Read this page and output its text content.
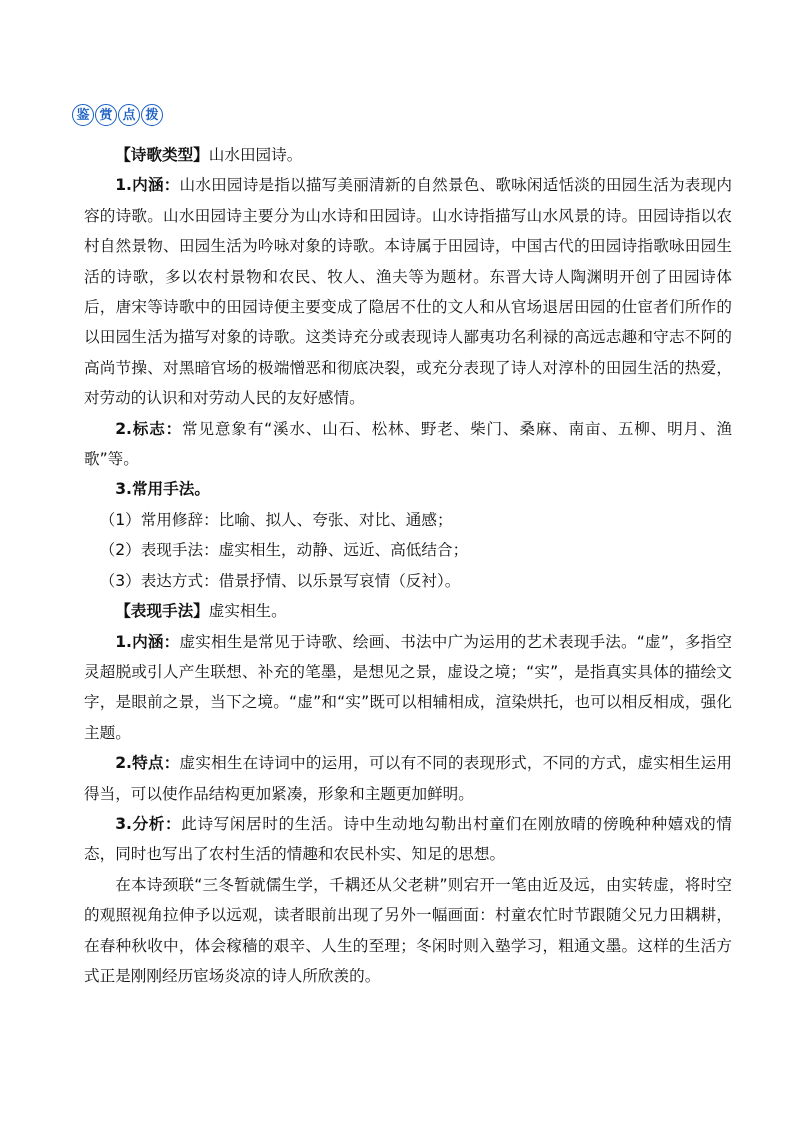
鉴 赏 点 拨

【诗歌类型】山水田园诗。

1.内涵：山水田园诗是指以描写美丽清新的自然景色、歌咏闲适恬淡的田园生活为表现内容的诗歌。山水田园诗主要分为山水诗和田园诗。山水诗指描写山水风景的诗。田园诗指以农村自然景物、田园生活为吟咏对象的诗歌。本诗属于田园诗，中国古代的田园诗指歌咏田园生活的诗歌，多以农村景物和农民、牧人、渔夫等为题材。东晋大诗人陶渊明开创了田园诗体后，唐宋等诗歌中的田园诗便主要变成了隐居不仕的文人和从官场退居田园的仕宦者们所作的以田园生活为描写对象的诗歌。这类诗充分或表现诗人鄙夷功名利禄的高远志趣和守志不阿的高尚节操、对黑暗官场的极端憎恶和彻底决裂，或充分表现了诗人对淳朴的田园生活的热爱，对劳动的认识和对劳动人民的友好感情。

2.标志：常见意象有“溪水、山石、松林、野老、柴门、桑麻、南亩、五柳、明月、渔歌”等。

3.常用手法。

（1）常用修辞：比喻、拟人、夸张、对比、通感；

（2）表现手法：虚实相生，动静、远近、高低结合；

（3）表达方式：借景抒情、以乐景写哀情（反衬）。

【表现手法】虚实相生。

1.内涵：虚实相生是常见于诗歌、绘画、书法中广为运用的艺术表现手法。“虚”，多指空灵超脱或引人产生联想、补充的笔墨，是想见之景，虚设之境；“实”，是指真实具体的描绘文字，是眼前之景，当下之境。“虚”和“实”既可以相辅相成，渲染烘托，也可以相反相成，强化主题。

2.特点：虚实相生在诗词中的运用，可以有不同的表现形式，不同的方式，虚实相生运用得当，可以使作品结构更加紧凑，形象和主题更加鲜明。

3.分析：此诗写闲居时的生活。诗中生动地勾勒出村童们在刚放晴的傍晚种种嬉戏的情态，同时也写出了农村生活的情趣和农民朴实、知足的思想。

在本诗颈联“三冬暂就儒生学，千耦还从父老耕”则宕开一笔由近及远，由实转虚，将时空的观照视角拉伸予以远观，读者眼前出现了另外一幅画面：村童农忙时节跟随父兄力田耦耕，在春种秋收中，体会稼穑的艰辛、人生的至理；冬闲时则入塾学习，粗通文墨。这样的生活方式正是刚刚经历宦场炎凉的诗人所欣羡的。
